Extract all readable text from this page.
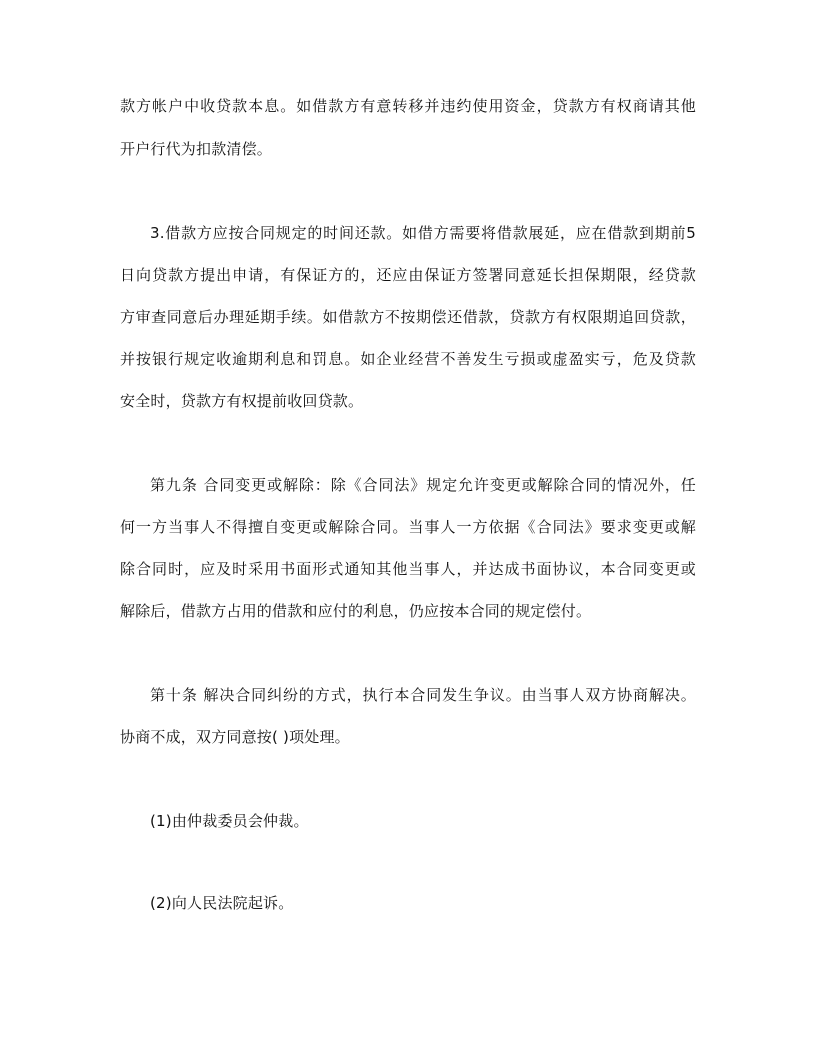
款方帐户中收贷款本息。如借款方有意转移并违约使用资金，贷款方有权商请其他
开户行代为扣款清偿。
3.借款方应按合同规定的时间还款。如借方需要将借款展延，应在借款到期前5
日向贷款方提出申请，有保证方的，还应由保证方签署同意延长担保期限，经贷款
方审查同意后办理延期手续。如借款方不按期偿还借款，贷款方有权限期追回贷款，
并按银行规定收逾期利息和罚息。如企业经营不善发生亏损或虚盈实亏，危及贷款
安全时，贷款方有权提前收回贷款。
第九条 合同变更或解除：除《合同法》规定允许变更或解除合同的情况外，任
何一方当事人不得擅自变更或解除合同。当事人一方依据《合同法》要求变更或解
除合同时，应及时采用书面形式通知其他当事人，并达成书面协议，本合同变更或
解除后，借款方占用的借款和应付的利息，仍应按本合同的规定偿付。
第十条 解决合同纠纷的方式，执行本合同发生争议。由当事人双方协商解决。
协商不成，双方同意按( )项处理。
(1)由仲裁委员会仲裁。
(2)向人民法院起诉。
